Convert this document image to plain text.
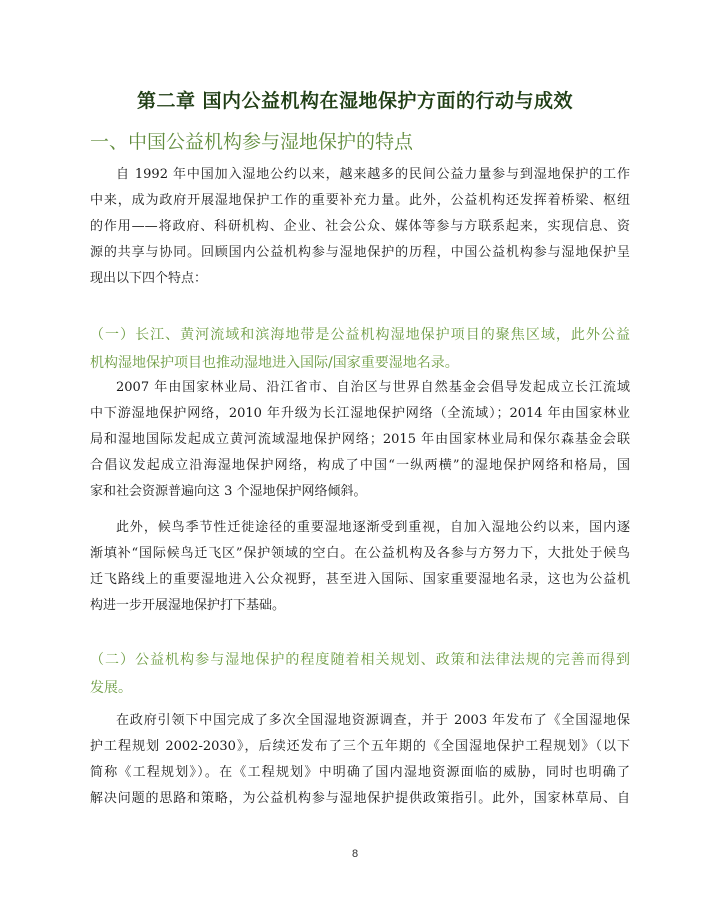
第二章 国内公益机构在湿地保护方面的行动与成效
一、中国公益机构参与湿地保护的特点
自 1992 年中国加入湿地公约以来，越来越多的民间公益力量参与到湿地保护的工作
中来，成为政府开展湿地保护工作的重要补充力量。此外，公益机构还发挥着桥梁、枢纽
的作用——将政府、科研机构、企业、社会公众、媒体等参与方联系起来，实现信息、资
源的共享与协同。回顾国内公益机构参与湿地保护的历程，中国公益机构参与湿地保护呈
现出以下四个特点：
（一）长江、黄河流域和滨海地带是公益机构湿地保护项目的聚焦区域，此外公益
机构湿地保护项目也推动湿地进入国际/国家重要湿地名录。
2007 年由国家林业局、沿江省市、自治区与世界自然基金会倡导发起成立长江流域
中下游湿地保护网络，2010 年升级为长江湿地保护网络（全流域）；2014 年由国家林业
局和湿地国际发起成立黄河流域湿地保护网络；2015 年由国家林业局和保尔森基金会联
合倡议发起成立沿海湿地保护网络，构成了中国“一纵两横”的湿地保护网络和格局，国
家和社会资源普遍向这 3 个湿地保护网络倾斜。
此外，候鸟季节性迁徙途径的重要湿地逐渐受到重视，自加入湿地公约以来，国内逐
渐填补“国际候鸟迁飞区”保护领域的空白。在公益机构及各参与方努力下，大批处于候鸟
迁飞路线上的重要湿地进入公众视野，甚至进入国际、国家重要湿地名录，这也为公益机
构进一步开展湿地保护打下基础。
（二）公益机构参与湿地保护的程度随着相关规划、政策和法律法规的完善而得到
发展。
在政府引领下中国完成了多次全国湿地资源调查，并于 2003 年发布了《全国湿地保
护工程规划 2002-2030》，后续还发布了三个五年期的《全国湿地保护工程规划》（以下
简称《工程规划》）。在《工程规划》中明确了国内湿地资源面临的威胁，同时也明确了
解决问题的思路和策略，为公益机构参与湿地保护提供政策指引。此外，国家林草局、自
8
